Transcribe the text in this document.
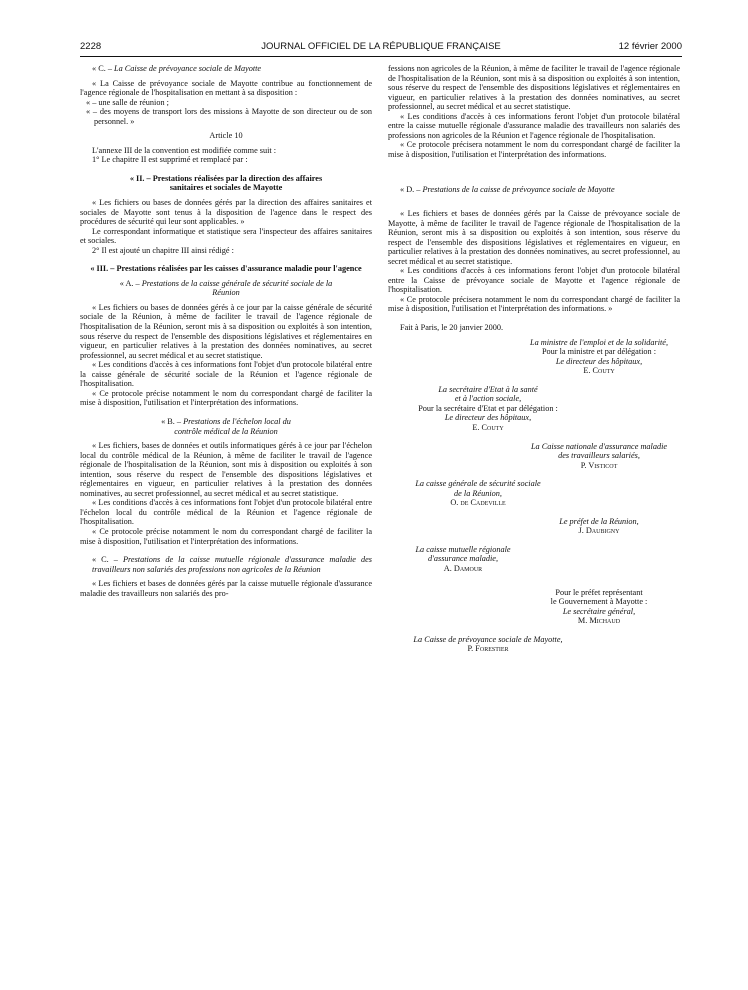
2228	JOURNAL OFFICIEL DE LA RÉPUBLIQUE FRANÇAISE	12 février 2000

« C. – La Caisse de prévoyance sociale de Mayotte

« La Caisse de prévoyance sociale de Mayotte contribue au fonctionnement de l'agence régionale de l'hospitalisation en mettant à sa disposition :

« – une salle de réunion ;

« – des moyens de transport lors des missions à Mayotte de son directeur ou de son personnel. »

Article 10

L'annexe III de la convention est modifiée comme suit :

1° Le chapitre II est supprimé et remplacé par :

« II. – Prestations réalisées par la direction des affaires sanitaires et sociales de Mayotte

« Les fichiers ou bases de données gérés par la direction des affaires sanitaires et sociales de Mayotte sont tenus à la disposition de l'agence dans le respect des procédures de sécurité qui leur sont applicables. »

Le correspondant informatique et statistique sera l'inspecteur des affaires sanitaires et sociales.

2° Il est ajouté un chapitre III ainsi rédigé :

« III. – Prestations réalisées par les caisses d'assurance maladie pour l'agence

« A. – Prestations de la caisse générale de sécurité sociale de la Réunion

« Les fichiers ou bases de données gérés à ce jour par la caisse générale de sécurité sociale de la Réunion, à même de faciliter le travail de l'agence régionale de l'hospitalisation de la Réunion, seront mis à sa disposition ou exploités à son intention, sous réserve du respect de l'ensemble des dispositions législatives et réglementaires en vigueur, en particulier relatives à la prestation des données nominatives, au secret professionnel, au secret médical et au secret statistique.

« Les conditions d'accès à ces informations font l'objet d'un protocole bilatéral entre la caisse générale de sécurité sociale de la Réunion et l'agence régionale de l'hospitalisation.

« Ce protocole précise notamment le nom du correspondant chargé de faciliter la mise à disposition, l'utilisation et l'interprétation des informations.

« B. – Prestations de l'échelon local du contrôle médical de la Réunion

« Les fichiers, bases de données et outils informatiques gérés à ce jour par l'échelon local du contrôle médical de la Réunion, à même de faciliter le travail de l'agence régionale de l'hospitalisation de la Réunion, sont mis à disposition ou exploités à son intention, sous réserve du respect de l'ensemble des dispositions législatives et réglementaires en vigueur, en particulier relatives à la prestation des données nominatives, au secret professionnel, au secret médical et au secret statistique.

« Les conditions d'accès à ces informations font l'objet d'un protocole bilatéral entre l'échelon local du contrôle médical de la Réunion et l'agence régionale de l'hospitalisation.

« Ce protocole précise notamment le nom du correspondant chargé de faciliter la mise à disposition, l'utilisation et l'interprétation des informations.

« C. – Prestations de la caisse mutuelle régionale d'assurance maladie des travailleurs non salariés des professions non agricoles de la Réunion

« Les fichiers et bases de données gérés par la caisse mutuelle régionale d'assurance maladie des travailleurs non salariés des pro-

fessions non agricoles de la Réunion, à même de faciliter le travail de l'agence régionale de l'hospitalisation de la Réunion, sont mis à sa disposition ou exploités à son intention, sous réserve du respect de l'ensemble des dispositions législatives et réglementaires en vigueur, en particulier relatives à la prestation des données nominatives, au secret professionnel, au secret médical et au secret statistique.

« Les conditions d'accès à ces informations feront l'objet d'un protocole bilatéral entre la caisse mutuelle régionale d'assurance maladie des travailleurs non salariés des professions non agricoles de la Réunion et l'agence régionale de l'hospitalisation.

« Ce protocole précisera notamment le nom du correspondant chargé de faciliter la mise à disposition, l'utilisation et l'interprétation des informations.

« D. – Prestations de la caisse de prévoyance sociale de Mayotte

« Les fichiers et bases de données gérés par la Caisse de prévoyance sociale de Mayotte, à même de faciliter le travail de l'agence régionale de l'hospitalisation de la Réunion, seront mis à sa disposition ou exploités à son intention, sous réserve du respect de l'ensemble des dispositions législatives et réglementaires en vigueur, en particulier relatives à la prestation des données nominatives, au secret professionnel, au secret médical et au secret statistique.

« Les conditions d'accès à ces informations feront l'objet d'un protocole bilatéral entre la Caisse de prévoyance sociale de Mayotte et l'agence régionale de l'hospitalisation.

« Ce protocole précisera notamment le nom du correspondant chargé de faciliter la mise à disposition, l'utilisation et l'interprétation des informations. »

Fait à Paris, le 20 janvier 2000.

La ministre de l'emploi et de la solidarité,

Pour la ministre et par délégation :

Le directeur des hôpitaux,

E. Couty

La secrétaire d'Etat à la santé

et à l'action sociale,

Pour la secrétaire d'Etat et par délégation :

Le directeur des hôpitaux,

E. Couty

La Caisse nationale d'assurance maladie

des travailleurs salariés,

P. Visticot

La caisse générale de sécurité sociale

de la Réunion,

O. de Cadeville

Le préfet de la Réunion,

J. Daubigny

La caisse mutuelle régionale

d'assurance maladie,

A. Damour

Pour le préfet représentant

le Gouvernement à Mayotte :

Le secrétaire général,

M. Michaud

La Caisse de prévoyance sociale de Mayotte,

P. Forestier
